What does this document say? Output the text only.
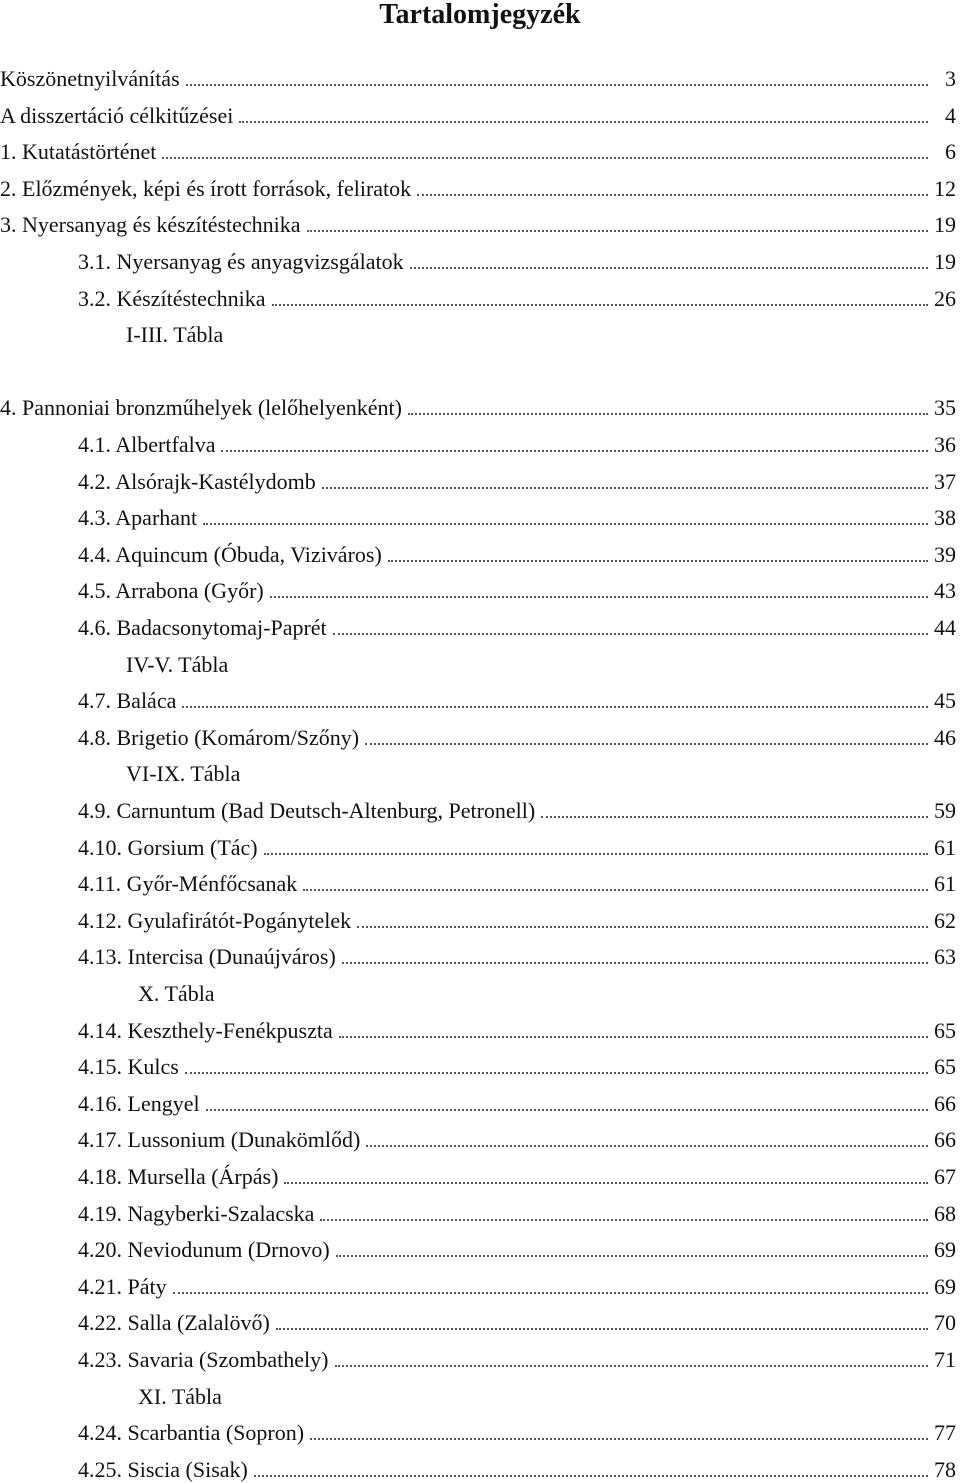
Tartalomjegyzék
Köszönetnyilvánítás	3
A disszertáció célkitűzései	4
1. Kutatástörténet	6
2. Előzmények, képi és írott források, feliratok	12
3. Nyersanyag és készítéstechnika	19
3.1. Nyersanyag és anyagvizsgálatok	19
3.2. Készítéstechnika	26
I-III. Tábla
4. Pannoniai bronzműhelyek (lelőhelyenként)	35
4.1. Albertfalva	36
4.2. Alsórajk-Kastélydomb	37
4.3. Aparhant	38
4.4. Aquincum (Óbuda, Viziváros)	39
4.5. Arrabona (Győr)	43
4.6. Badacsonytomaj-Paprét	44
IV-V. Tábla
4.7. Baláca	45
4.8. Brigetio (Komárom/Szőny)	46
VI-IX. Tábla
4.9. Carnuntum (Bad Deutsch-Altenburg, Petronell)	59
4.10. Gorsium (Tác)	61
4.11. Győr-Ménfőcsanak	61
4.12. Gyulafirátót-Pogánytelek	62
4.13. Intercisa (Dunaújváros)	63
X. Tábla
4.14. Keszthely-Fenékpuszta	65
4.15. Kulcs	65
4.16. Lengyel	66
4.17. Lussonium (Dunakömlőd)	66
4.18. Mursella (Árpás)	67
4.19. Nagyberki-Szalacska	68
4.20. Neviodunum (Drnovo)	69
4.21. Páty	69
4.22. Salla (Zalalövő)	70
4.23. Savaria (Szombathely)	71
XI. Tábla
4.24. Scarbantia (Sopron)	77
4.25. Siscia (Sisak)	78
